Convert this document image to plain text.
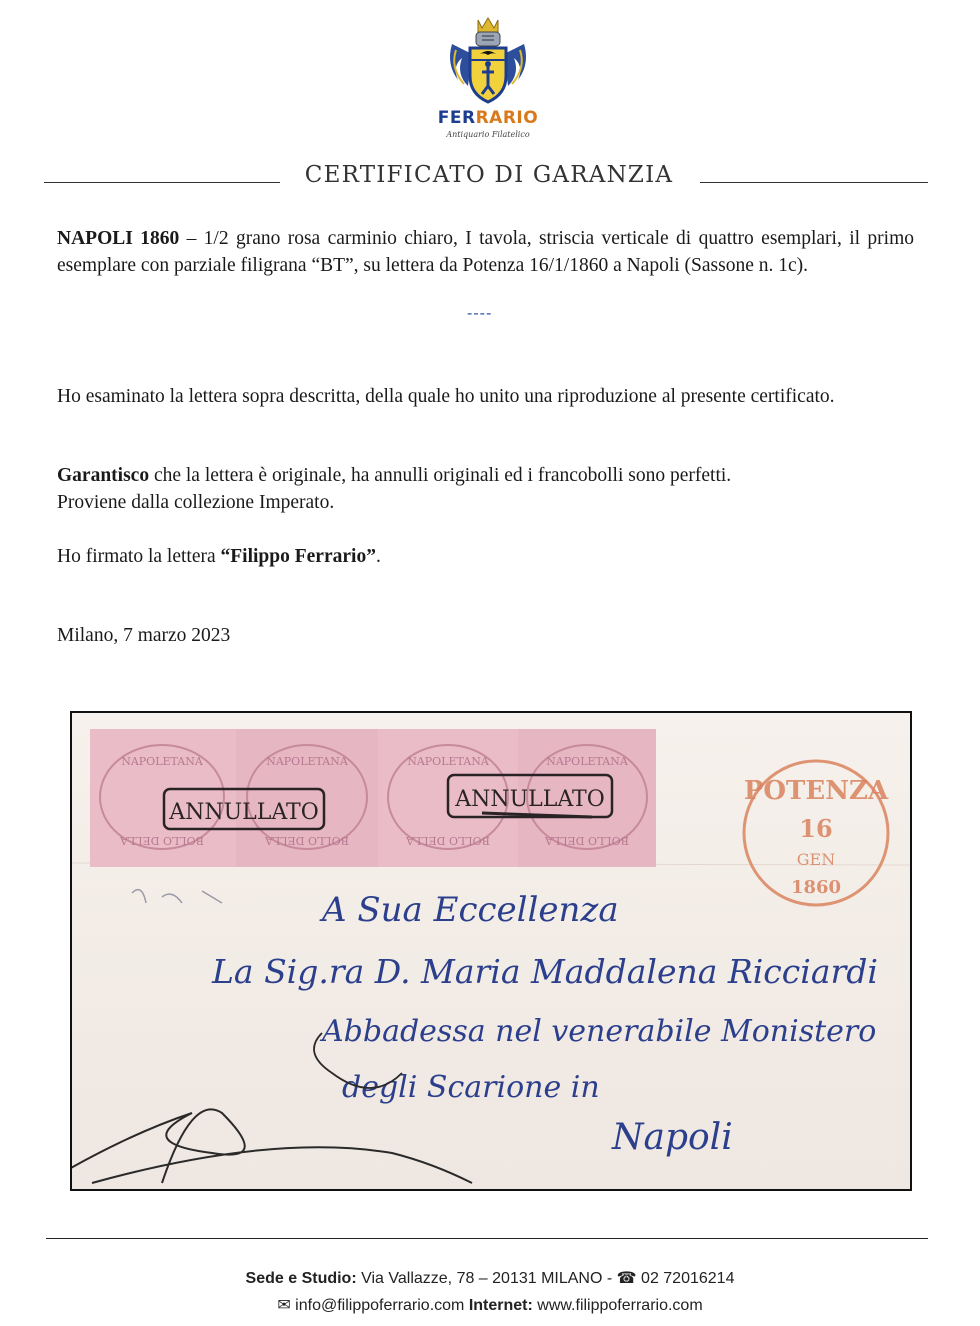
FERRARIO
Antiquario Filatelico
CERTIFICATO DI GARANZIA

NAPOLI 1860 – 1/2 grano rosa carminio chiaro, I tavola, striscia verticale di quattro esemplari, il primo esemplare con parziale filigrana “BT”, su lettera da Potenza 16/1/1860 a Napoli (Sassone n. 1c).

----

Ho esaminato la lettera sopra descritta, della quale ho unito una riproduzione al presente certificato.

Garantisco che la lettera è originale, ha annulli originali ed i francobolli sono perfetti.
Proviene dalla collezione Imperato.

Ho firmato la lettera “Filippo Ferrario”.

Milano, 7 marzo 2023

NAPOLETANA
BOLLO DELLA
NAPOLETANA
BOLLO DELLA
NAPOLETANA
BOLLO DELLA
NAPOLETANA
BOLLO DELLA
ANNULLATO
ANNULLATO	POTENZA
16
GEN
1860
A Sua Eccellenza
La Sig.ra D. Maria Maddalena Ricciardi
Abbadessa nel venerabile Monistero
degli Scarione in
Napoli
Sede e Studio: Via Vallazze, 78 – 20131 MILANO - ☎ 02 72016214
✉ info@filippoferrario.com Internet: www.filippoferrario.com
